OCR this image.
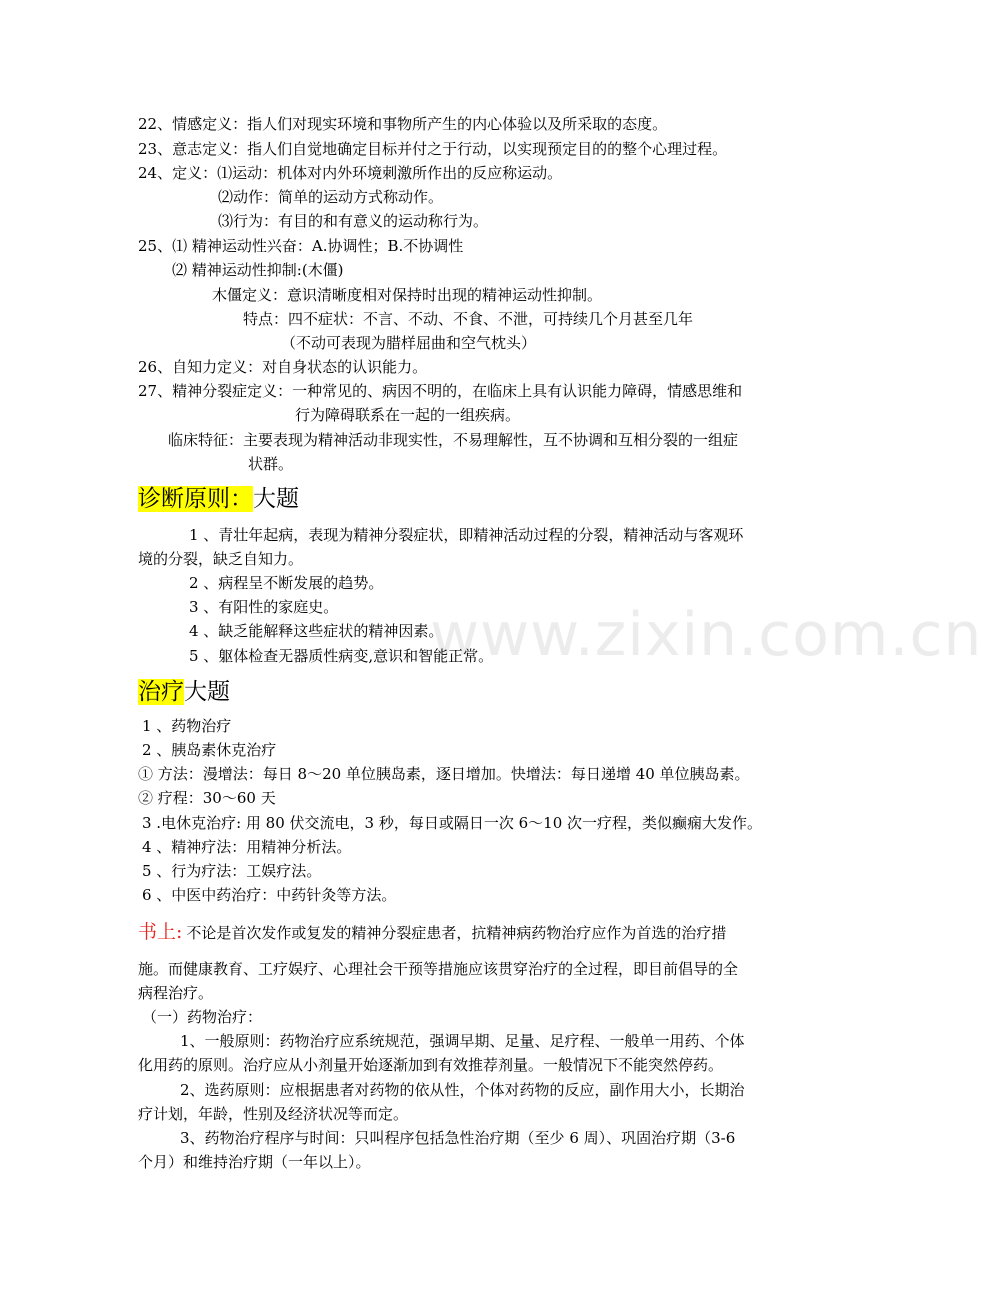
www.zixin.com.cn
22、情感定义：指人们对现实环境和事物所产生的内心体验以及所采取的态度。
23、意志定义：指人们自觉地确定目标并付之于行动，以实现预定目的的整个心理过程。
24、定义：⑴运动：机体对内外环境刺激所作出的反应称运动。
⑵动作：简单的运动方式称动作。
⑶行为：有目的和有意义的运动称行为。
25、⑴ 精神运动性兴奋：A.协调性；B.不协调性
⑵ 精神运动性抑制:(木僵)
木僵定义：意识清晰度相对保持时出现的精神运动性抑制。
特点：四不症状：不言、不动、不食、不泄，可持续几个月甚至几年
（不动可表现为腊样屈曲和空气枕头）
26、自知力定义：对自身状态的认识能力。
27、精神分裂症定义：一种常见的、病因不明的，在临床上具有认识能力障碍，情感思维和
行为障碍联系在一起的一组疾病。
临床特征：主要表现为精神活动非现实性，不易理解性，互不协调和互相分裂的一组症
状群。
诊断原则：大题
1 、青壮年起病，表现为精神分裂症状，即精神活动过程的分裂，精神活动与客观环
境的分裂，缺乏自知力。
2 、病程呈不断发展的趋势。
3 、有阳性的家庭史。
4 、缺乏能解释这些症状的精神因素。
5 、躯体检查无器质性病变,意识和智能正常。
治疗大题
1 、药物治疗
2 、胰岛素休克治疗
① 方法：漫增法：每日 8～20 单位胰岛素，逐日增加。快增法：每日递增 40 单位胰岛素。
② 疗程：30～60 天
3 .电休克治疗: 用 80 伏交流电，3 秒，每日或隔日一次 6～10 次一疗程，类似癫痫大发作。
4 、精神疗法：用精神分析法。
5 、行为疗法：工娱疗法。
6 、中医中药治疗：中药针灸等方法。
书上: 不论是首次发作或复发的精神分裂症患者，抗精神病药物治疗应作为首选的治疗措
施。而健康教育、工疗娱疗、心理社会干预等措施应该贯穿治疗的全过程，即目前倡导的全
病程治疗。
（一）药物治疗：
1、一般原则：药物治疗应系统规范，强调早期、足量、足疗程、一般单一用药、个体
化用药的原则。治疗应从小剂量开始逐渐加到有效推荐剂量。一般情况下不能突然停药。
2、选药原则：应根据患者对药物的依从性，个体对药物的反应，副作用大小，长期治
疗计划，年龄，性别及经济状况等而定。
3、药物治疗程序与时间：只叫程序包括急性治疗期（至少 6 周）、巩固治疗期（3-6
个月）和维持治疗期（一年以上）。
